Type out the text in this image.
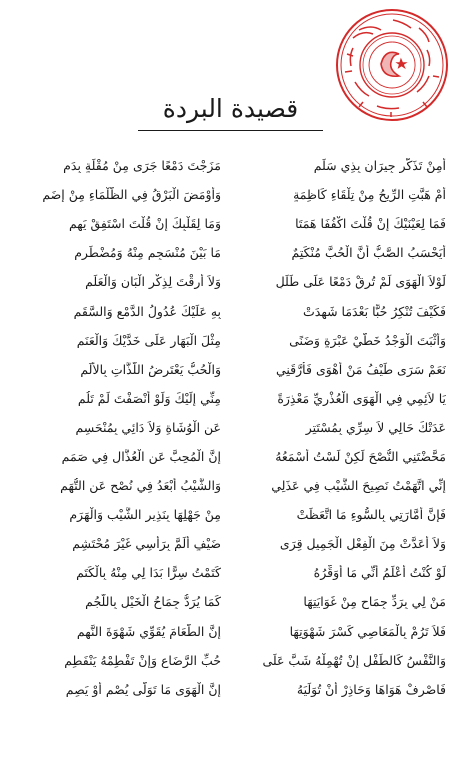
قصيدة البردة
أَمِنْ تَذَكُّرِ جِيرَانٍ بِذِي سَلَمِ
مَزَجْتَ دَمْعًا جَرَى مِنْ مُقْلَةٍ بِدَمِ
أَمْ هَبَّتِ الرِّيحُ مِنْ تِلْقَاءِ كَاظِمَةٍ
وَأَوْمَضَ الْبَرْقُ فِي الظَّلْمَاءِ مِنْ إِضَمِ
فَمَا لِعَيْنَيْكَ إِنْ قُلْتَ اكْفُفَا هَمَتَا
وَمَا لِقَلْبِكَ إِنْ قُلْتَ اسْتَفِقْ يَهِمِ
أَيَحْسَبُ الصَّبُّ أَنَّ الْحُبَّ مُنْكَتِمٌ
مَا بَيْنَ مُنْسَجِمٍ مِنْهُ وَمُضْطَرِمِ
لَوْلاَ الْهَوَى لَمْ تُرِقْ دَمْعًا عَلَى طَلَلٍ
وَلاَ أَرِقْتَ لِذِكْرِ الْبَانِ وَالْعَلَمِ
فَكَيْفَ تُنْكِرُ حُبًّا بَعْدَمَا شَهِدَتْ
بِهِ عَلَيْكَ عُدُولُ الدَّمْعِ وَالسَّقَمِ
وَأَثْبَتَ الْوَجْدُ خَطَّيْ عَبْرَةٍ وَضَنًى
مِثْلَ الْبَهَارِ عَلَى خَدَّيْكَ وَالْعَنَمِ
نَعَمْ سَرَى طَيْفُ مَنْ أَهْوَى فَأَرَّقَنِي
وَالْحُبُّ يَعْتَرِضُ اللَّذَّاتِ بِالأَلَمِ
يَا لاَئِمِي فِي الْهَوَى الْعُذْرِيِّ مَعْذِرَةً
مِنِّي إِلَيْكَ وَلَوْ أَنْصَفْتَ لَمْ تَلُمِ
عَدَتْكَ حَالِي لاَ سِرِّي بِمُسْتَتِرٍ
عَنِ الْوُشَاةِ وَلاَ دَائِي بِمُنْحَسِمِ
مَحَّضْتَنِي النُّصْحَ لَكِنْ لَسْتُ أَسْمَعُهُ
إِنَّ الْمُحِبَّ عَنِ الْعُذَّالِ فِي صَمَمِ
إِنِّي اتَّهَمْتُ نَصِيحَ الشَّيْبِ فِي عَذَلِي
وَالشَّيْبُ أَبْعَدُ فِي نُصْحٍ عَنِ التُّهَمِ
فَإِنَّ أَمَّارَتِي بِالسُّوءِ مَا اتَّعَظَتْ
مِنْ جَهْلِهَا بِنَذِيرِ الشَّيْبِ وَالْهَرَمِ
وَلاَ أَعَدَّتْ مِنَ الْفِعْلِ الْجَمِيلِ قِرَى
ضَيْفٍ أَلَمَّ بِرَأْسِي غَيْرَ مُحْتَشِمِ
لَوْ كُنْتُ أَعْلَمُ أَنِّي مَا أُوَقِّرُهُ
كَتَمْتُ سِرًّا بَدَا لِي مِنْهُ بِالْكَتَمِ
مَنْ لِي بِرَدِّ جِمَاحٍ مِنْ غَوَايَتِهَا
كَمَا يُرَدُّ جِمَاحُ الْخَيْلِ بِاللُّجُمِ
فَلاَ تَرُمْ بِالْمَعَاصِي كَسْرَ شَهْوَتِهَا
إِنَّ الطَّعَامَ يُقَوِّي شَهْوَةَ النَّهِمِ
وَالنَّفْسُ كَالطِّفْلِ إِنْ تُهْمِلْهُ شَبَّ عَلَى
حُبِّ الرَّضَاعِ وَإِنْ تَفْطِمْهُ يَنْفَطِمِ
فَاصْرِفْ هَوَاهَا وَحَاذِرْ أَنْ تُوَلِّيَهُ
إِنَّ الْهَوَى مَا تَوَلَّى يُصْمِ أَوْ يَصِمِ
